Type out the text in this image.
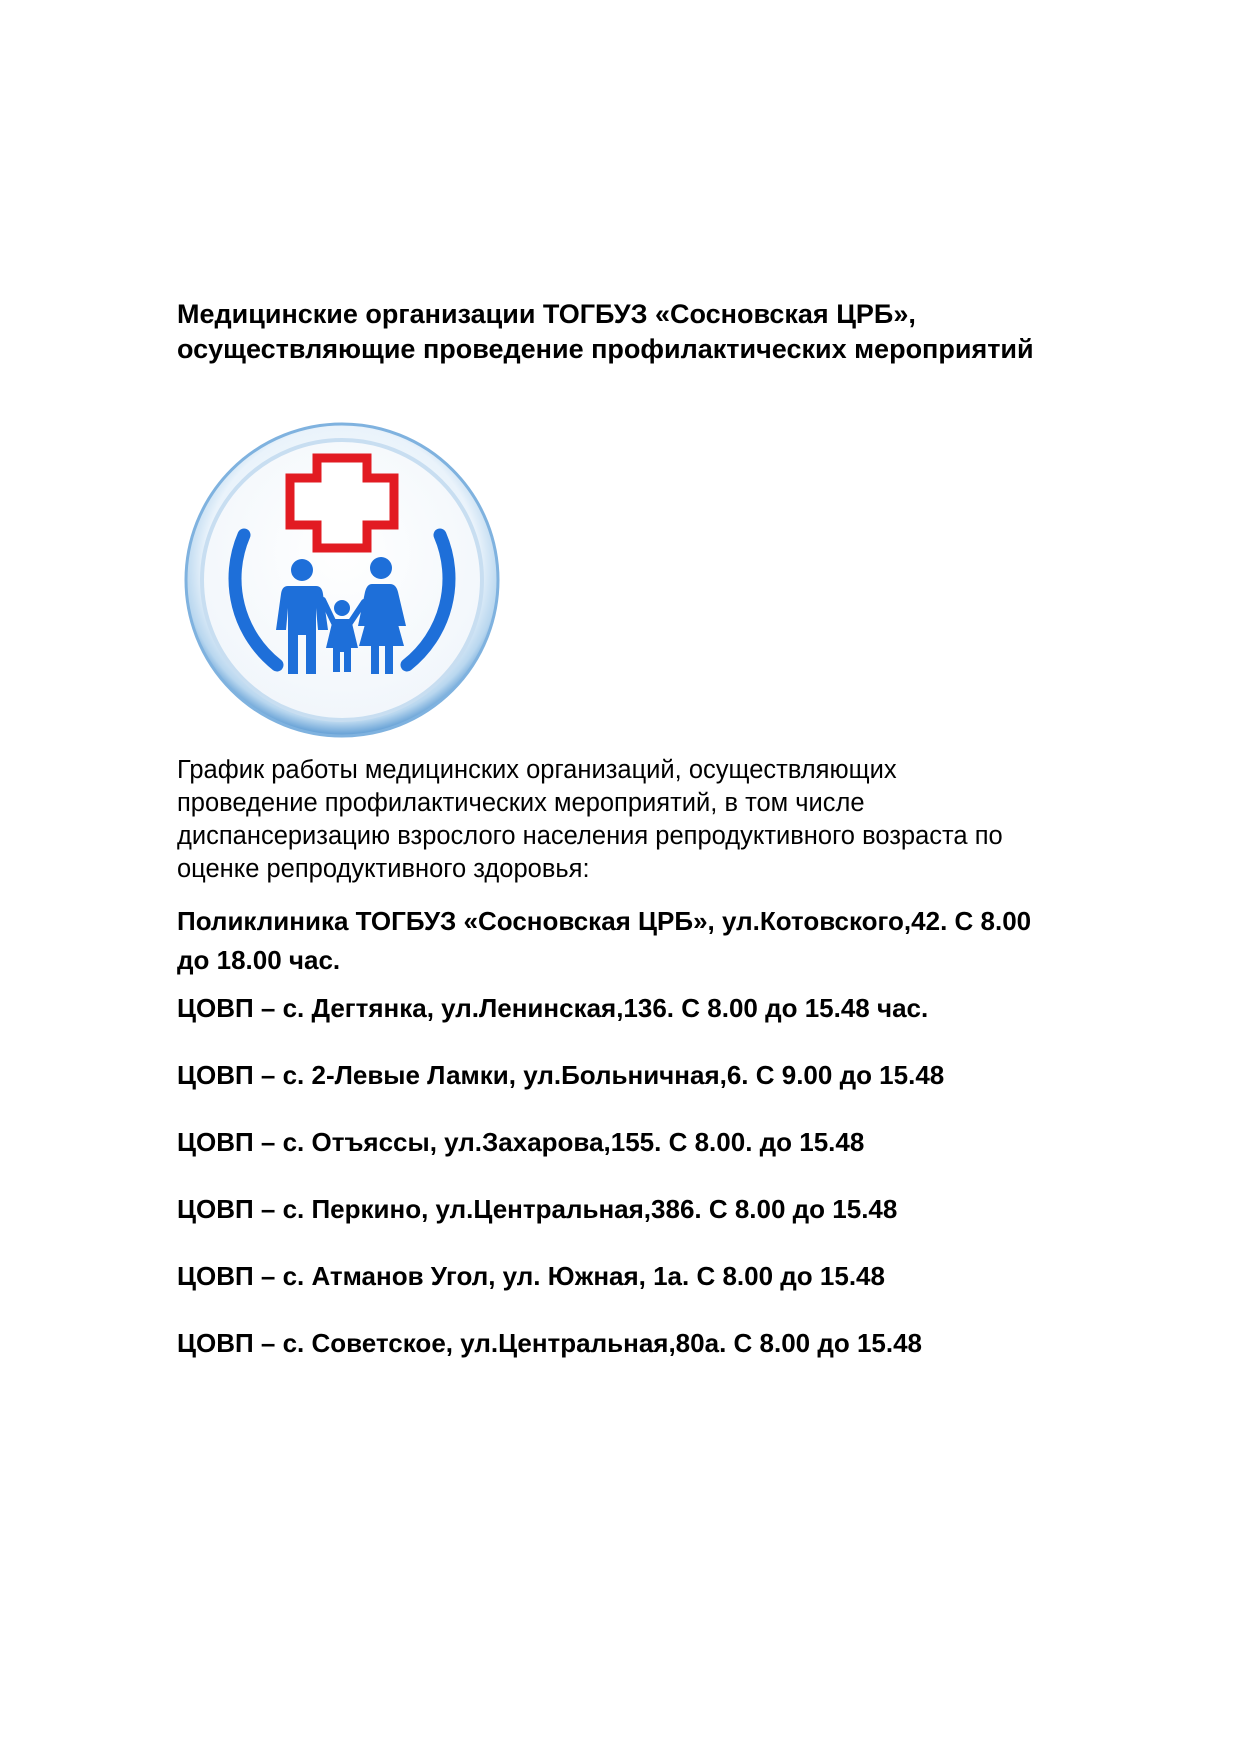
Медицинские организации ТОГБУЗ «Сосновская ЦРБ»,
осуществляющие проведение профилактических мероприятий

График работы медицинских организаций, осуществляющих
проведение профилактических мероприятий, в том числе
диспансеризацию взрослого населения репродуктивного возраста по
оценке репродуктивного здоровья:

Поликлиника ТОГБУЗ «Сосновская ЦРБ», ул.Котовского,42. С 8.00
до 18.00 час.

ЦОВП – с. Дегтянка, ул.Ленинская,136. С 8.00 до 15.48 час.
ЦОВП – с. 2-Левые Ламки, ул.Больничная,6. С 9.00 до 15.48
ЦОВП – с. Отъяссы, ул.Захарова,155. С 8.00. до 15.48
ЦОВП – с. Перкино, ул.Центральная,386. С 8.00 до 15.48
ЦОВП – с. Атманов Угол, ул. Южная, 1а. С 8.00 до 15.48
ЦОВП – с. Советское, ул.Центральная,80а. С 8.00 до 15.48
